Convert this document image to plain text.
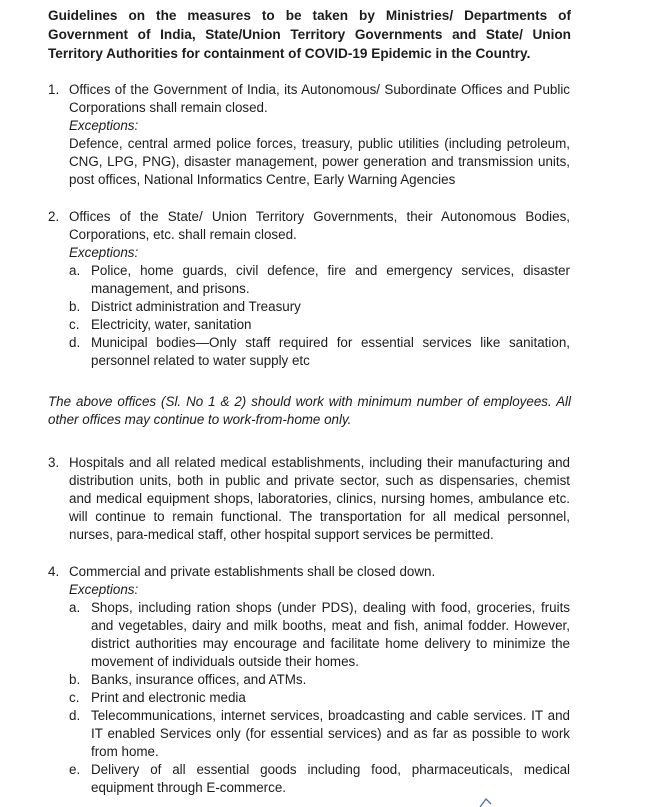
Guidelines on the measures to be taken by Ministries/ Departments of Government of India, State/Union Territory Governments and State/ Union Territory Authorities for containment of COVID-19 Epidemic in the Country.

1. Offices of the Government of India, its Autonomous/ Subordinate Offices and Public Corporations shall remain closed.
Exceptions:
Defence, central armed police forces, treasury, public utilities (including petroleum, CNG, LPG, PNG), disaster management, power generation and transmission units, post offices, National Informatics Centre, Early Warning Agencies
2. Offices of the State/ Union Territory Governments, their Autonomous Bodies, Corporations, etc. shall remain closed.
Exceptions:
a. Police, home guards, civil defence, fire and emergency services, disaster management, and prisons.
b. District administration and Treasury
c. Electricity, water, sanitation
d. Municipal bodies—Only staff required for essential services like sanitation, personnel related to water supply etc
The above offices (Sl. No 1 & 2) should work with minimum number of employees. All other offices may continue to work-from-home only.
3. Hospitals and all related medical establishments, including their manufacturing and distribution units, both in public and private sector, such as dispensaries, chemist and medical equipment shops, laboratories, clinics, nursing homes, ambulance etc. will continue to remain functional. The transportation for all medical personnel, nurses, para-medical staff, other hospital support services be permitted.
4. Commercial and private establishments shall be closed down.
Exceptions:
a. Shops, including ration shops (under PDS), dealing with food, groceries, fruits and vegetables, dairy and milk booths, meat and fish, animal fodder. However, district authorities may encourage and facilitate home delivery to minimize the movement of individuals outside their homes.
b. Banks, insurance offices, and ATMs.
c. Print and electronic media
d. Telecommunications, internet services, broadcasting and cable services. IT and IT enabled Services only (for essential services) and as far as possible to work from home.
e. Delivery of all essential goods including food, pharmaceuticals, medical equipment through E-commerce.
